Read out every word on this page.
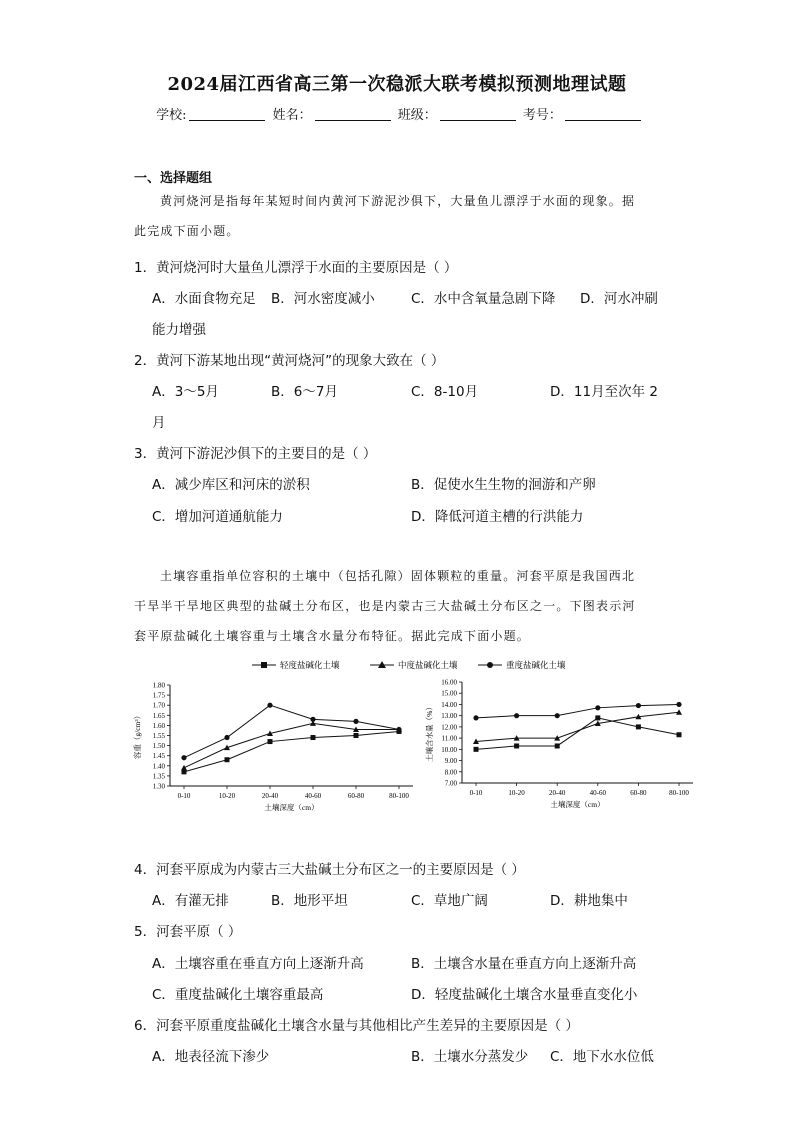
2024届江西省高三第一次稳派大联考模拟预测地理试题
学校:	姓名：	班级：	考号：
一、选择题组
黄河烧河是指每年某短时间内黄河下游泥沙俱下，大量鱼儿漂浮于水面的现象。据
此完成下面小题。
1．黄河烧河时大量鱼儿漂浮于水面的主要原因是（ ）
A．水面食物充足 B．河水密度减小	C．水中含氧量急剧下降 D．河水冲刷
能力增强
2．黄河下游某地出现“黄河烧河”的现象大致在（ ）
A．3～5月	B．6～7月	C．8-10月	D．11月至次年 2
月
3．黄河下游泥沙俱下的主要目的是（ ）
A．减少库区和河床的淤积	B．促使水生生物的洄游和产卵
C．增加河道通航能力	D．降低河道主槽的行洪能力
土壤容重指单位容积的土壤中（包括孔隙）固体颗粒的重量。河套平原是我国西北
干旱半干旱地区典型的盐碱土分布区，也是内蒙古三大盐碱土分布区之一。下图表示河
套平原盐碱化土壤容重与土壤含水量分布特征。据此完成下面小题。
轻度盐碱化土壤	中度盐碱化土壤	重度盐碱化土壤
1.30
1.35
1.40
1.45
1.50
1.55
1.60
1.65
1.70
1.75
1.80
0-10	10-20	20-40	40-60	60-80	80-100
土壤深度（cm）
容重（g/cm³）
7.00
8.00
9.00
10.00
11.00
12.00
13.00
14.00
15.00
16.00
0-10	10-20	20-40	40-60	60-80	80-100
土壤深度（cm）
土壤含水量（%）
4．河套平原成为内蒙古三大盐碱土分布区之一的主要原因是（ ）
A．有灌无排	B．地形平坦	C．草地广阔	D．耕地集中
5．河套平原（ ）
A．土壤容重在垂直方向上逐渐升高	B．土壤含水量在垂直方向上逐渐升高
C．重度盐碱化土壤容重最高	D．轻度盐碱化土壤含水量垂直变化小
6．河套平原重度盐碱化土壤含水量与其他相比产生差异的主要原因是（ ）
A．地表径流下渗少	B．土壤水分蒸发少 C．地下水水位低
